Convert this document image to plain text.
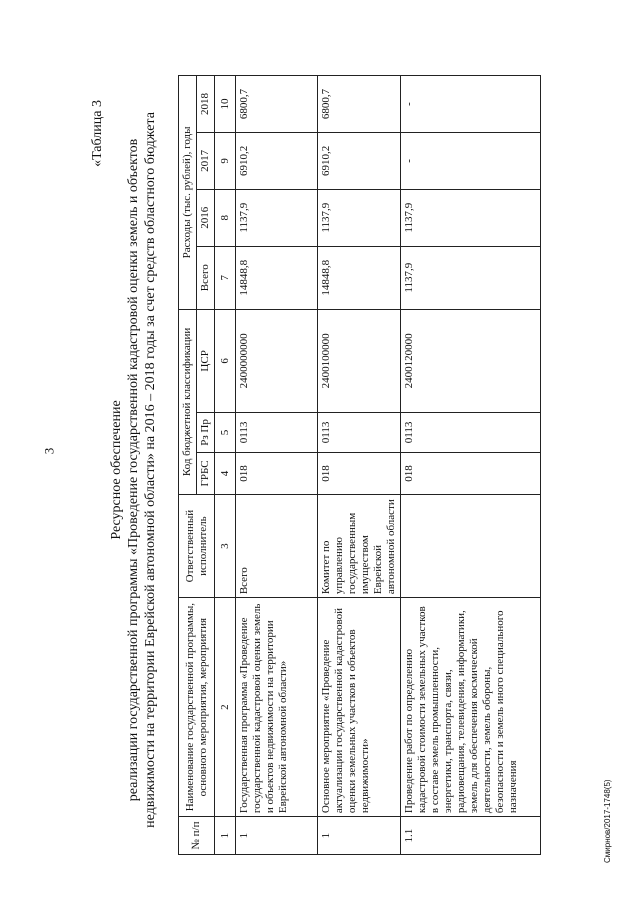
3
Смирнов/2017-1748(5)
«Таблица 3
Ресурсное обеспечение реализации государственной программы «Проведение государственной кадастровой оценки земель и объектов недвижимости на территории Еврейской автономной области» на 2016 – 2018 годы за счет средств областного бюджета
№ п/п	Наименование государственной программы, основного мероприятия, мероприятия	Ответственный исполнитель	Код бюджетной классификации			Расходы (тыс. рублей), годы			
						Всего	2016	2017	2018
			ГРБС	Рз Пр	ЦСР				
1	2	3	4	5	6	7	8	9	10
1	Государственная программа «Проведение государственной кадастровой оценки земель и объектов недвижимости на территории Еврейской автономной области»	Всего	018	0113	2400000000	14848,8	1137,9	6910,2	6800,7
1	Основное мероприятие «Проведение актуализации государственной кадастровой оценки земельных участков и объектов недвижимости»	Комитет по управлению государственным имуществом Еврейской автономной области	018	0113	2400100000	14848,8	1137,9	6910,2	6800,7
1.1	Проведение работ по определению кадастровой стоимости земельных участков в составе земель промышленности, энергетики, транспорта, связи, радиовещания, телевидения, информатики, земель для обеспечения космической деятельности, земель обороны, безопасности и земель иного специального назначения		018	0113	2400120000	1137,9	1137,9	-	-
